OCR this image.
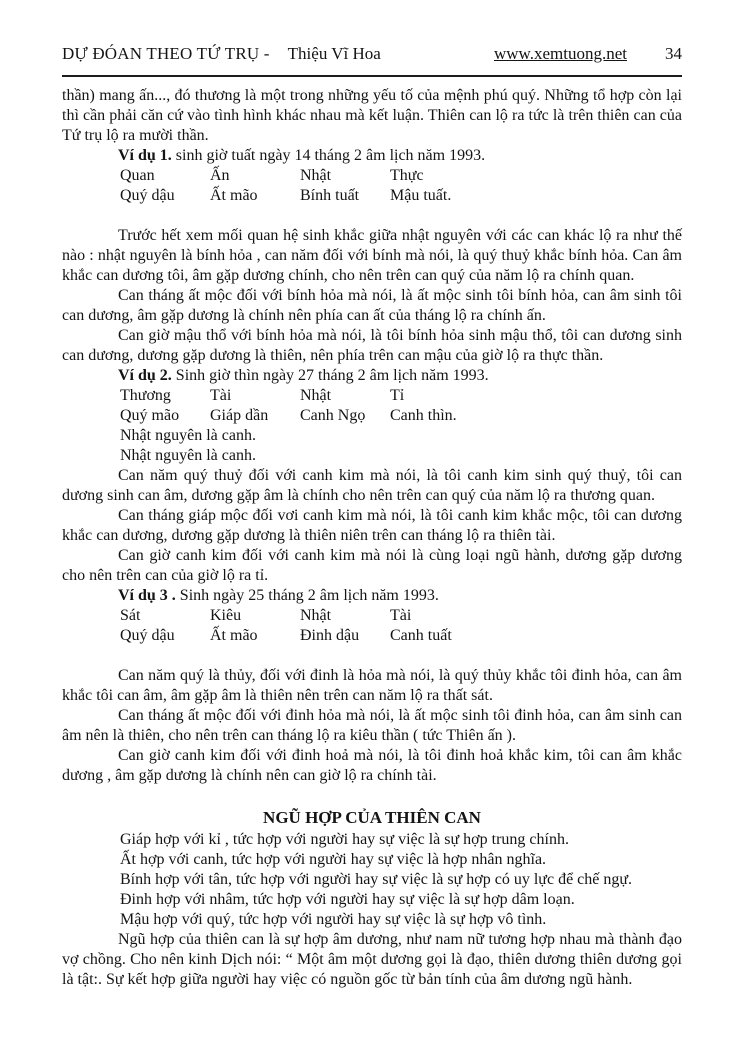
DỰ ĐÓAN THEO TỨ TRỤ - Thiệu Vĩ Hoa	www.xemtuong.net 34
thần) mang ấn..., đó thương là một trong những yếu tố của mệnh phú quý. Những tổ hợp còn lại thì cần phải căn cứ vào tình hình khác nhau mà kết luận. Thiên can lộ ra tức là trên thiên can của Tứ trụ lộ ra mười thần.
Ví dụ 1. sinh giờ tuất ngày 14 tháng 2 âm lịch năm 1993.
Quan	Ấn	Nhật	Thực
Quý dậu	Ất mão	Bính tuất	Mậu tuất.
Trước hết xem mối quan hệ sinh khắc giữa nhật nguyên với các can khác lộ ra như thế nào : nhật nguyên là bính hỏa , can năm đối với bính mà nói, là quý thuỷ khắc bính hỏa. Can âm khắc can dương tôi, âm gặp dương chính, cho nên trên can quý của năm lộ ra chính quan.
Can tháng ất mộc đối với bính hỏa mà nói, là ất mộc sinh tôi bính hỏa, can âm sinh tôi can dương, âm gặp dương là chính nên phía can ất của tháng lộ ra chính ấn.
Can giờ mậu thổ với bính hỏa mà nói, là tôi bính hỏa sinh mậu thổ, tôi can dương sinh can dương, dương gặp dương là thiên, nên phía trên can mậu của giờ lộ ra thực thần.
Ví dụ 2. Sinh giờ thìn ngày 27 tháng 2 âm lịch năm 1993.
Thương	Tài	Nhật	Tỉ
Quý mão	Giáp dần	Canh Ngọ	Canh thìn.
Nhật nguyên là canh.
Nhật nguyên là canh.
Can năm quý thuỷ đối với canh kim mà nói, là tôi canh kim sinh quý thuỷ, tôi can dương sinh can âm, dương gặp âm là chính cho nên trên can quý của năm lộ ra thương quan.
Can tháng giáp mộc đối vơi canh kim mà nói, là tôi canh kim khắc mộc, tôi can dương khắc can dương, dương gặp dương là thiên niên trên can tháng lộ ra thiên tài.
Can giờ canh kim đối với canh kim mà nói là cùng loại ngũ hành, dương gặp dương cho nên trên can của giờ lộ ra tỉ.
Ví dụ 3 . Sinh ngày 25 tháng 2 âm lịch năm 1993.
Sát	Kiêu	Nhật	Tài
Quý dậu	Ất mão	Đinh dậu	Canh tuất
Can năm quý là thủy, đối với đinh là hỏa mà nói, là quý thủy khắc tôi đinh hỏa, can âm khắc tôi can âm, âm gặp âm là thiên nên trên can năm lộ ra thất sát.
Can tháng ất mộc đối với đinh hỏa mà nói, là ất mộc sinh tôi đinh hỏa, can âm sinh can âm nên là thiên, cho nên trên can tháng lộ ra kiêu thần ( tức Thiên ấn ).
Can giờ canh kim đối với đinh hoả mà nói, là tôi đinh hoả khắc kim, tôi can âm khắc dương , âm gặp dương là chính nên can giờ lộ ra chính tài.
NGŨ HỢP CỦA THIÊN CAN
Giáp hợp với kỉ , tức hợp với người hay sự việc là sự hợp trung chính.
Ất hợp với canh, tức hợp với người hay sự việc là hợp nhân nghĩa.
Bính hợp với tân, tức hợp với người hay sự việc là sự hợp có uy lực để chế ngự.
Đinh hợp với nhâm, tức hợp với người hay sự việc là sự hợp dâm loạn.
Mậu hợp với quý, tức hợp với người hay sự việc là sự hợp vô tình.
Ngũ hợp của thiên can là sự hợp âm dương, như nam nữ tương hợp nhau mà thành đạo vợ chồng. Cho nên kinh Dịch nói: “ Một âm một dương gọi là đạo, thiên dương thiên dương gọi là tật:. Sự kết hợp giữa người hay việc có nguồn gốc từ bản tính của âm dương ngũ hành.
